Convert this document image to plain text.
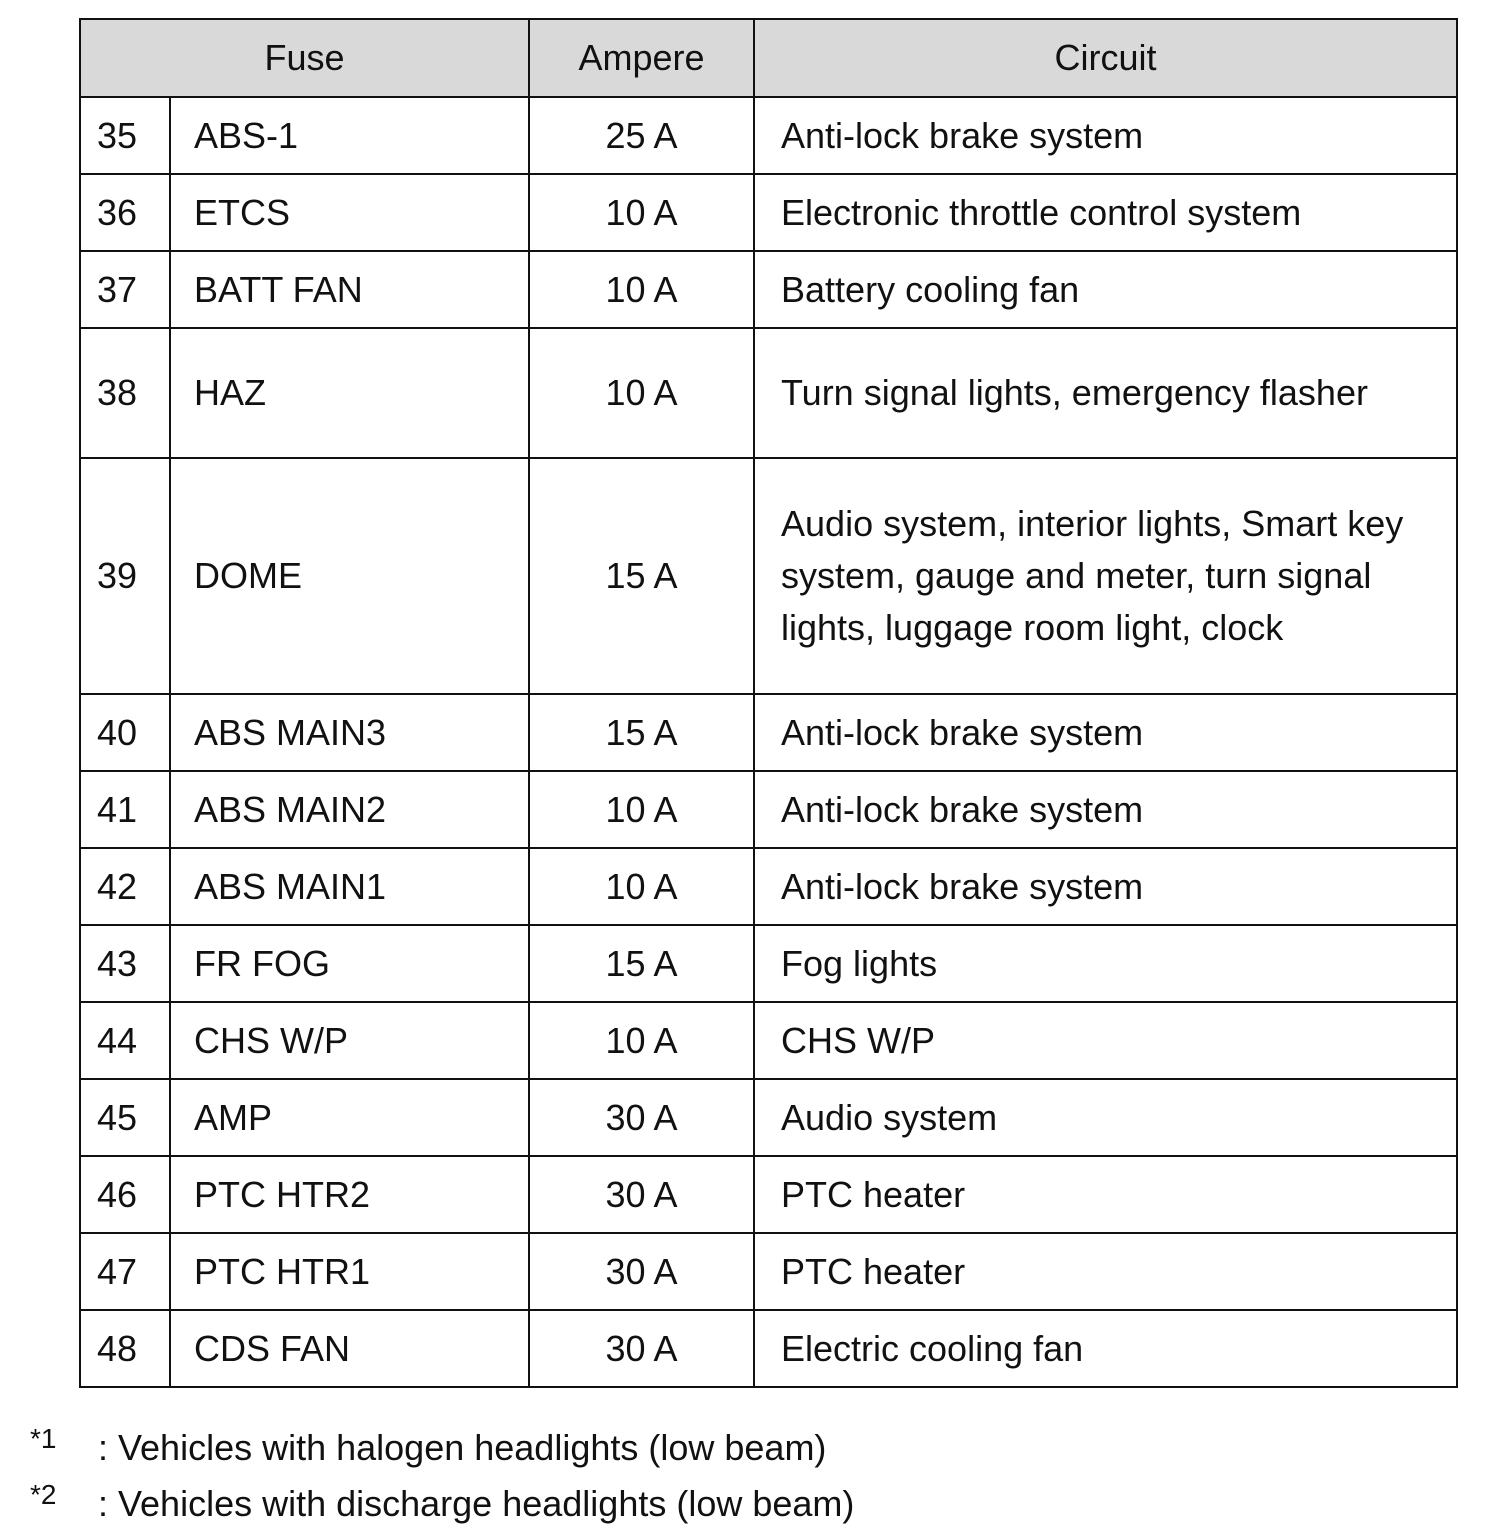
Fuse		Ampere	Circuit
35	ABS-1	25 A	Anti-lock brake system
36	ETCS	10 A	Electronic throttle control system
37	BATT FAN	10 A	Battery cooling fan
38	HAZ	10 A	Turn signal lights, emergency flasher
39	DOME	15 A	Audio system, interior lights, Smart key system, gauge and meter, turn signal lights, luggage room light, clock
40	ABS MAIN3	15 A	Anti-lock brake system
41	ABS MAIN2	10 A	Anti-lock brake system
42	ABS MAIN1	10 A	Anti-lock brake system
43	FR FOG	15 A	Fog lights
44	CHS W/P	10 A	CHS W/P
45	AMP	30 A	Audio system
46	PTC HTR2	30 A	PTC heater
47	PTC HTR1	30 A	PTC heater
48	CDS FAN	30 A	Electric cooling fan
*1 : Vehicles with halogen headlights (low beam)
*2 : Vehicles with discharge headlights (low beam)
